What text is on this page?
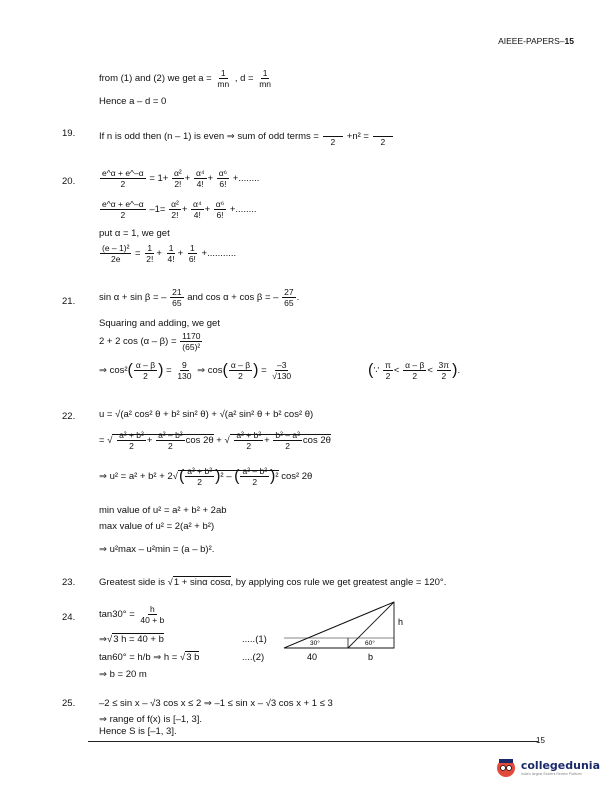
AIEEE-PAPERS–15
from (1) and (2) we get $a = \frac{1}{mn}$ , $d = \frac{1}{mn}$
Hence a – d = 0
19.	If n is odd then (n – 1) is even ⇒ sum of odd terms =
2 +n² =
2
20.	$\frac{e\^{}\alpha + e\^{}-\alpha}{2} = 1+ \frac{\text{α²}}{2!} + \frac{\text{α⁴}}{4!} + \frac{\text{α⁶}}{6!}$ +........
$\frac{e\^{}\alpha + e\^{}-\alpha}{2} -1= \frac{\text{α²}}{2!} + \frac{\text{α⁴}}{4!} + \frac{\text{α⁶}}{6!}$ +........
put α = 1, we get
$\frac{\text{(e – 1)²}}{2e} = \frac{1}{2!} + \frac{1}{4!} + \frac{1}{6!}$ +...........
21.	sin α + sin β = – $\frac{21}{65}$ and cos α + cos β = – $\frac{27}{65}$ .
Squaring and adding, we get
2 + 2 $\cos (\alpha - \beta) = \frac{1170}{\text{(65)²}}$
⇒ $\cos^2( \frac{\alpha - \beta}{2}$ ) = $\frac{9}{130}$ ⇒ $\cos( \frac{\alpha - \beta}{2}$ ) = $\frac{-3}{√130}$	(∵ $\frac{\pi}{2} < \frac{\alpha - \beta}{2} < \frac{3\pi}{2}$ ).
22.	u = √(a² cos² θ + b² sin² θ) + √(a² sin² θ + b² cos² θ)
= √ $\frac{\text{a² + b²}}{2} + \frac{\text{a² – b²}}{2}$ cos 2θ + √ $\frac{\text{a² + b²}}{2} + \frac{\text{b² – a²}}{2}$ cos 2θ
⇒ $u^2 = a^2 + b^2 + 2√( \frac{\text{a² + b²}}{2} )^2$ – ( $\frac{\text{a² – b²}}{2} )^2$ cos² 2θ
min value of u² = a² + b² + 2ab
max value of u² = 2(a² + b²)
⇒ u²max – u²min = (a – b)².
23.	Greatest side is √1 + sinα cosα, by applying cos rule we get greatest angle = 120°.
24.	$\tan 30^\circ = \frac{h}{40 + b}$
⇒√3 h = 40 + b	.....(1)
tan60° = h/b ⇒ h = √3 b	....(2)
⇒ b = 20 m
30°	60°
h
40	b
25.	–2 ≤ sin x – √3 cos x ≤ 2 ⇒ –1 ≤ sin x – √3 cos x + 1 ≤ 3
⇒ range of f(x) is [–1, 3].
Hence S is [–1, 3].
15
collegedunia
India's largest Student Review Platform
